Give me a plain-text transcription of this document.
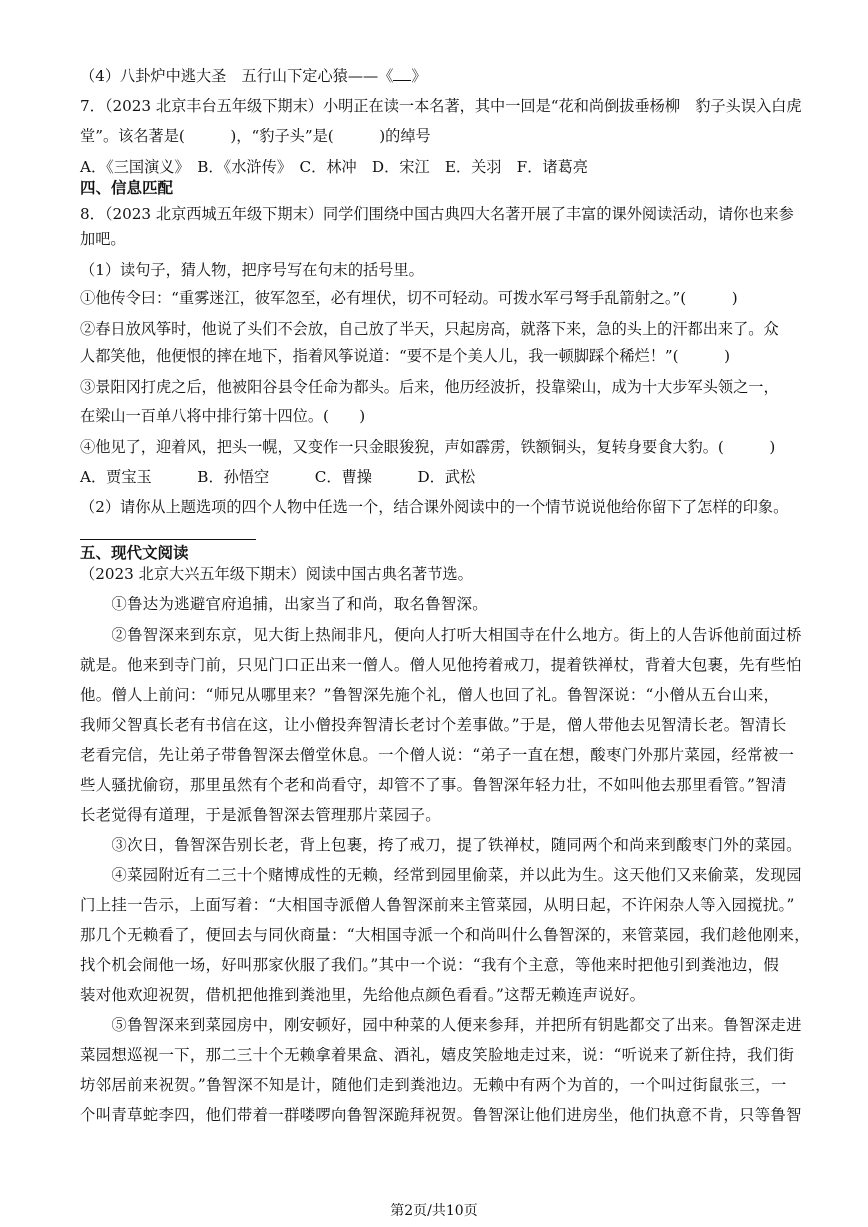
（4）八卦炉中逃大圣　五行山下定心猿——《 》
7．（2023 北京丰台五年级下期末）小明正在读一本名著，其中一回是“花和尚倒拔垂杨柳　豹子头误入白虎
堂”。该名著是(　　　)，“豹子头”是(　　　)的绰号
A．《三国演义》　B．《水浒传》　C．林冲　D．宋江　E．关羽　F．诸葛亮
四、信息匹配
8．（2023 北京西城五年级下期末）同学们围绕中国古典四大名著开展了丰富的课外阅读活动，请你也来参
加吧。
（1）读句子，猜人物，把序号写在句末的括号里。
①他传令曰：“重雾迷江，彼军忽至，必有埋伏，切不可轻动。可拨水军弓弩手乱箭射之。”(　　　)
②春日放风筝时，他说了头们不会放，自己放了半天，只起房高，就落下来，急的头上的汗都出来了。众
人都笑他，他便恨的摔在地下，指着风筝说道：“要不是个美人儿，我一顿脚踩个稀烂！”(　　　)
③景阳冈打虎之后，他被阳谷县令任命为都头。后来，他历经波折，投靠梁山，成为十大步军头领之一，
在梁山一百单八将中排行第十四位。(　　)
④他见了，迎着风，把头一幌，又变作一只金眼狻猊，声如霹雳，铁额铜头，复转身要食大豹。(　　　)
A．贾宝玉　　　B．孙悟空　　　C．曹操　　　D．武松
（2）请你从上题选项的四个人物中任选一个，结合课外阅读中的一个情节说说他给你留下了怎样的印象。
五、现代文阅读
（2023 北京大兴五年级下期末）阅读中国古典名著节选。
　　①鲁达为逃避官府追捕，出家当了和尚，取名鲁智深。
　　②鲁智深来到东京，见大街上热闹非凡，便向人打听大相国寺在什么地方。街上的人告诉他前面过桥
就是。他来到寺门前，只见门口正出来一僧人。僧人见他挎着戒刀，提着铁禅杖，背着大包裹，先有些怕
他。僧人上前问：“师兄从哪里来？”鲁智深先施个礼，僧人也回了礼。鲁智深说：“小僧从五台山来，
我师父智真长老有书信在这，让小僧投奔智清长老讨个差事做。”于是，僧人带他去见智清长老。智清长
老看完信，先让弟子带鲁智深去僧堂休息。一个僧人说：“弟子一直在想，酸枣门外那片菜园，经常被一
些人骚扰偷窃，那里虽然有个老和尚看守，却管不了事。鲁智深年轻力壮，不如叫他去那里看管。”智清
长老觉得有道理，于是派鲁智深去管理那片菜园子。
　　③次日，鲁智深告别长老，背上包裹，挎了戒刀，提了铁禅杖，随同两个和尚来到酸枣门外的菜园。
　　④菜园附近有二三十个赌博成性的无赖，经常到园里偷菜，并以此为生。这天他们又来偷菜，发现园
门上挂一告示，上面写着：“大相国寺派僧人鲁智深前来主管菜园，从明日起，不许闲杂人等入园搅扰。”
那几个无赖看了，便回去与同伙商量：“大相国寺派一个和尚叫什么鲁智深的，来管菜园，我们趁他刚来，
找个机会闹他一场，好叫那家伙服了我们。”其中一个说：“我有个主意，等他来时把他引到粪池边，假
装对他欢迎祝贺，借机把他推到粪池里，先给他点颜色看看。”这帮无赖连声说好。
　　⑤鲁智深来到菜园房中，刚安顿好，园中种菜的人便来参拜，并把所有钥匙都交了出来。鲁智深走进
菜园想巡视一下，那二三十个无赖拿着果盒、酒礼，嬉皮笑脸地走过来，说：“听说来了新住持，我们街
坊邻居前来祝贺。”鲁智深不知是计，随他们走到粪池边。无赖中有两个为首的，一个叫过街鼠张三，一
个叫青草蛇李四，他们带着一群喽啰向鲁智深跪拜祝贺。鲁智深让他们进房坐，他们执意不肯，只等鲁智
第2页/共10页
